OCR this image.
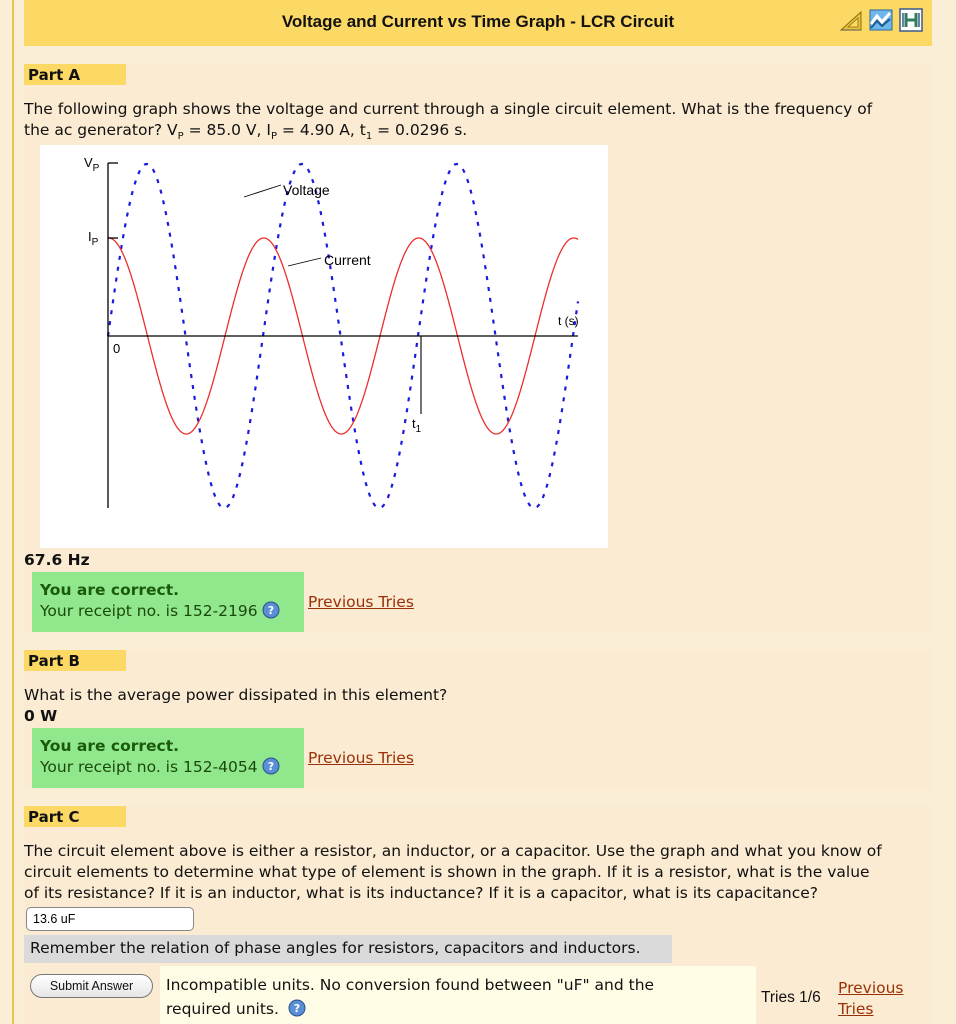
Voltage and Current vs Time Graph - LCR Circuit
Part A
The following graph shows the voltage and current through a single circuit element. What is the frequency of
the ac generator? $V_P = 85.0$ V, $I_P = 4.90$ A, $t_1 = 0.0296$ s.
Voltage
Current
$V_P$
$I_P$
0
$t_1$
t (s)
67.6 Hz
You are correct.
Your receipt no. is 152-2196 ? Previous Tries
Part B
What is the average power dissipated in this element?
0 W
You are correct.
Your receipt no. is 152-4054 ? Previous Tries
Part C
The circuit element above is either a resistor, an inductor, or a capacitor. Use the graph and what you know of
circuit elements to determine what type of element is shown in the graph. If it is a resistor, what is the value
of its resistance? If it is an inductor, what is its inductance? If it is a capacitor, what is its capacitance?
13.6 uF
Remember the relation of phase angles for resistors, capacitors and inductors.
Submit Answer	Incompatible units. No conversion found between "uF" and the
required units. ?
Tries 1/6
Previous
Tries
